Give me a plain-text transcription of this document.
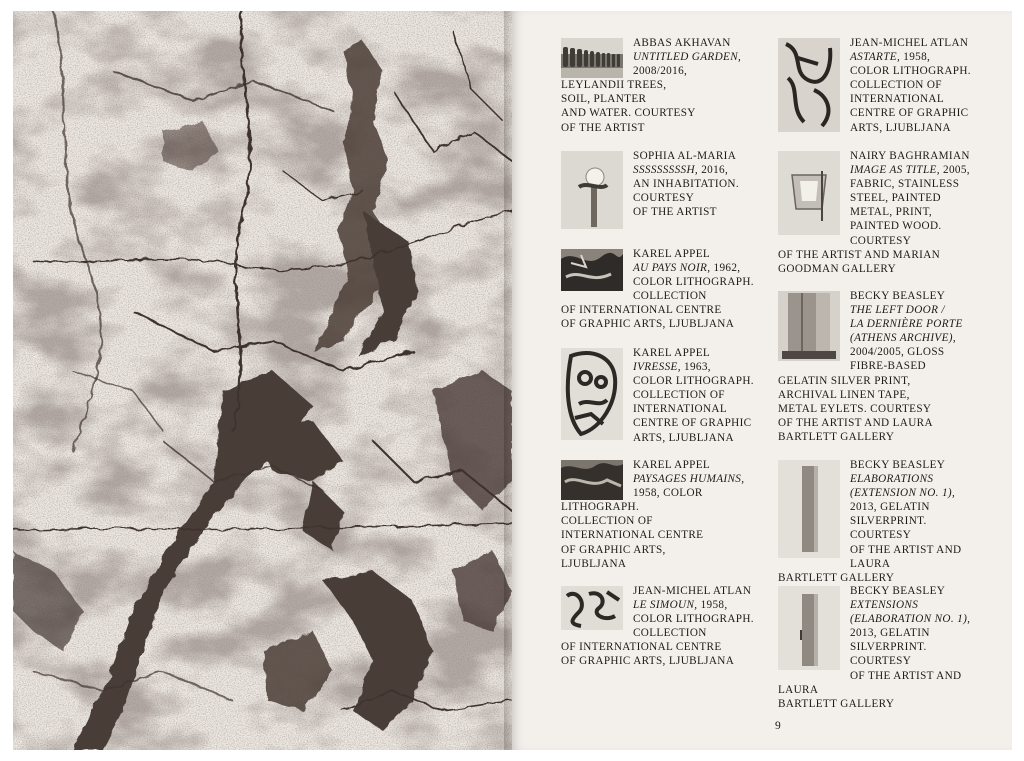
ABBAS AKHAVAN
UNTITLED GARDEN,
2008/2016,
LEYLANDII TREES,
SOIL, PLANTER
AND WATER. COURTESY
OF THE ARTIST
SOPHIA AL-MARIA
SSSSSSSSSH, 2016,
AN INHABITATION.
COURTESY
OF THE ARTIST
KAREL APPEL
AU PAYS NOIR, 1962,
COLOR LITHOGRAPH.
COLLECTION
OF INTERNATIONAL CENTRE
OF GRAPHIC ARTS, LJUBLJANA
KAREL APPEL
IVRESSE, 1963,
COLOR LITHOGRAPH.
COLLECTION OF
INTERNATIONAL
CENTRE OF GRAPHIC
ARTS, LJUBLJANA
KAREL APPEL
PAYSAGES HUMAINS,
1958, COLOR
LITHOGRAPH.
COLLECTION OF
INTERNATIONAL CENTRE
OF GRAPHIC ARTS,
LJUBLJANA
JEAN-MICHEL ATLAN
LE SIMOUN, 1958,
COLOR LITHOGRAPH.
COLLECTION
OF INTERNATIONAL CENTRE
OF GRAPHIC ARTS, LJUBLJANA
JEAN-MICHEL ATLAN
ASTARTE, 1958,
COLOR LITHOGRAPH.
COLLECTION OF
INTERNATIONAL
CENTRE OF GRAPHIC
ARTS, LJUBLJANA
NAIRY BAGHRAMIAN
IMAGE AS TITLE, 2005,
FABRIC, STAINLESS
STEEL, PAINTED
METAL, PRINT,
PAINTED WOOD.
COURTESY
OF THE ARTIST AND MARIAN
GOODMAN GALLERY
BECKY BEASLEY
THE LEFT DOOR /
LA DERNIÈRE PORTE
(ATHENS ARCHIVE),
2004/2005, GLOSS
FIBRE-BASED
GELATIN SILVER PRINT,
ARCHIVAL LINEN TAPE,
METAL EYLETS. COURTESY
OF THE ARTIST AND LAURA
BARTLETT GALLERY
BECKY BEASLEY
ELABORATIONS
(EXTENSION NO. 1),
2013, GELATIN
SILVERPRINT.
COURTESY
OF THE ARTIST AND LAURA
BARTLETT GALLERY
BECKY BEASLEY
EXTENSIONS
(ELABORATION NO. 1),
2013, GELATIN
SILVERPRINT.
COURTESY
OF THE ARTIST AND LAURA
BARTLETT GALLERY
9
